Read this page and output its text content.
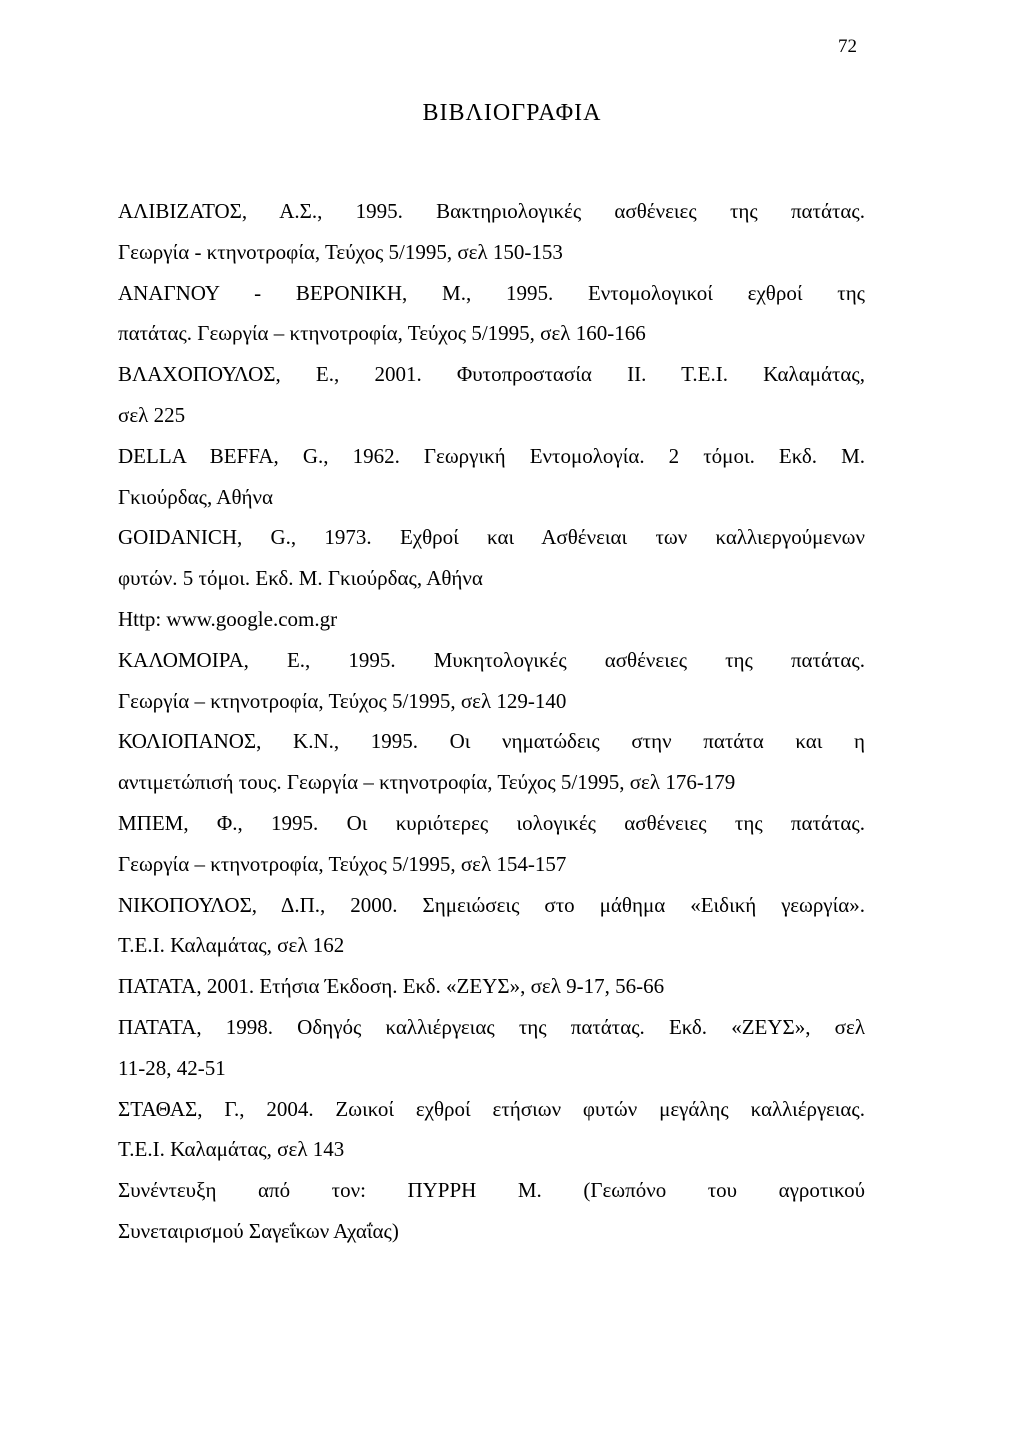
72
ΒΙΒΛΙΟΓΡΑΦΙΑ
ΑΛΙΒΙΖΑΤΟΣ, Α.Σ., 1995. Βακτηριολογικές ασθένειες της πατάτας.
Γεωργία - κτηνοτροφία, Τεύχος 5/1995, σελ 150-153
ΑΝΑΓΝΟΥ - ΒΕΡΟΝΙΚΗ, Μ., 1995. Εντομολογικοί εχθροί της
πατάτας. Γεωργία – κτηνοτροφία, Τεύχος 5/1995, σελ 160-166
ΒΛΑΧΟΠΟΥΛΟΣ, Ε., 2001. Φυτοπροστασία ΙΙ. Τ.Ε.Ι. Καλαμάτας,
σελ 225
DELLA BEFFA, G., 1962. Γεωργική Εντομολογία. 2 τόμοι. Εκδ. Μ.
Γκιούρδας, Αθήνα
GOIDANICH, G., 1973. Εχθροί και Ασθένειαι των καλλιεργούμενων
φυτών. 5 τόμοι. Εκδ. Μ. Γκιούρδας, Αθήνα
Http: www.google.com.gr
ΚΑΛΟΜΟΙΡΑ, Ε., 1995. Μυκητολογικές ασθένειες της πατάτας.
Γεωργία – κτηνοτροφία, Τεύχος 5/1995, σελ 129-140
ΚΟΛΙΟΠΑΝΟΣ, Κ.Ν., 1995. Οι νηματώδεις στην πατάτα και η
αντιμετώπισή τους. Γεωργία – κτηνοτροφία, Τεύχος 5/1995, σελ 176-179
ΜΠΕΜ, Φ., 1995. Οι κυριότερες ιολογικές ασθένειες της πατάτας.
Γεωργία – κτηνοτροφία, Τεύχος 5/1995, σελ 154-157
ΝΙΚΟΠΟΥΛΟΣ, Δ.Π., 2000. Σημειώσεις στο μάθημα «Ειδική γεωργία».
Τ.Ε.Ι. Καλαμάτας, σελ 162
ΠΑΤΑΤΑ, 2001. Ετήσια Έκδοση. Εκδ. «ΖΕΥΣ», σελ 9-17, 56-66
ΠΑΤΑΤΑ, 1998. Οδηγός καλλιέργειας της πατάτας. Εκδ. «ΖΕΥΣ», σελ
11-28, 42-51
ΣΤΑΘΑΣ, Γ., 2004. Ζωικοί εχθροί ετήσιων φυτών μεγάλης καλλιέργειας.
Τ.Ε.Ι. Καλαμάτας, σελ 143
Συνέντευξη από τον: ΠΥΡΡΗ Μ. (Γεωπόνο του αγροτικού
Συνεταιρισμού Σαγεΐκων Αχαΐας)
